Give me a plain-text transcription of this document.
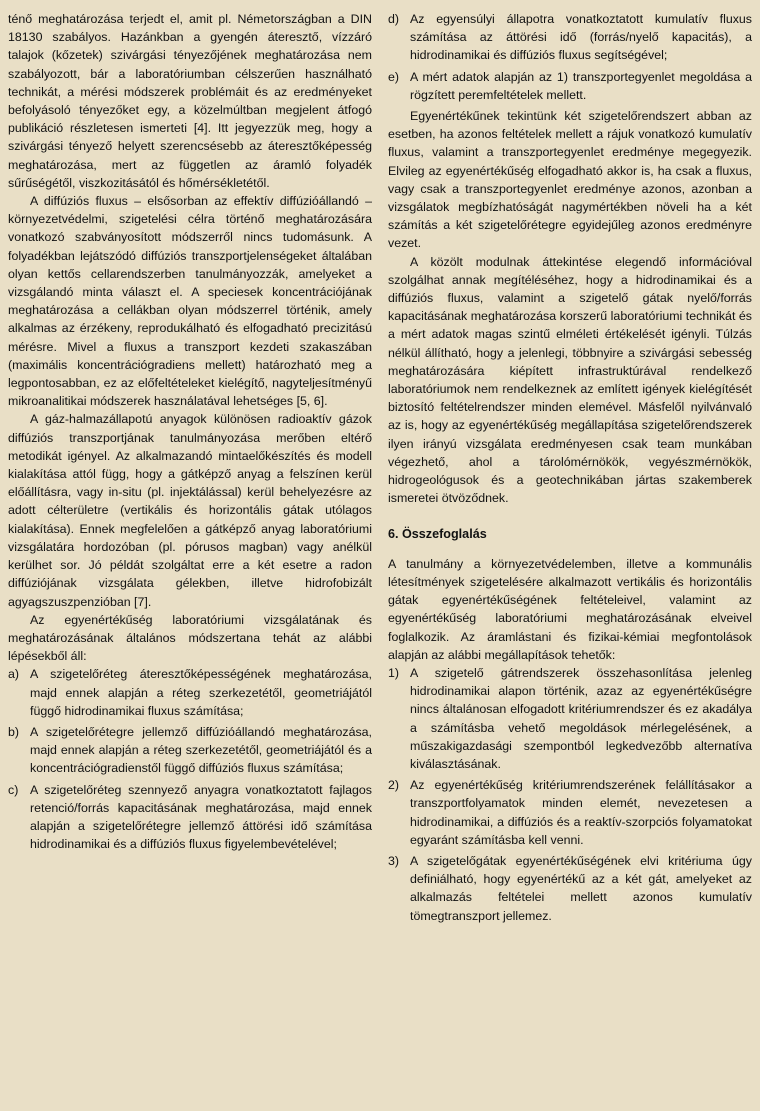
ténő meghatározása terjedt el, amit pl. Németországban a DIN 18130 szabályos. Hazánkban a gyengén áteresztő, vízzáró talajok (kőzetek) szivárgási tényezőjének meghatározása nem szabályozott, bár a laboratóriumban célszerűen használható technikát, a mérési módszerek problémáit és az eredményeket befolyásoló tényezőket egy, a közelmúltban megjelent átfogó publikáció részletesen ismerteti [4]. Itt jegyezzük meg, hogy a szivárgási tényező helyett szerencsésebb az áteresztőképesség meghatározása, mert az független az áramló folyadék sűrűségétől, viszkozitásától és hőmérsékletétől.

A diffúziós fluxus – elsősorban az effektív diffúzióállandó – környezetvédelmi, szigetelési célra történő meghatározására vonatkozó szabványosított módszerről nincs tudomásunk. A folyadékban lejátszódó diffúziós transzportjelenségeket általában olyan kettős cellarendszerben tanulmányozzák, amelyeket a vizsgálandó minta választ el. A speciesek koncentrációjának meghatározása a cellákban olyan módszerrel történik, amely alkalmas az érzékeny, reprodukálható és elfogadható precizitású mérésre. Mivel a fluxus a transzport kezdeti szakaszában (maximális koncentrációgradiens mellett) határozható meg a legpontosabban, ez az előfeltételeket kielégítő, nagyteljesítményű mikroanalitikai módszerek használatával lehetséges [5, 6].

A gáz-halmazállapotú anyagok különösen radioaktív gázok diffúziós transzportjának tanulmányozása merőben eltérő metodikát igényel. Az alkalmazandó mintaelőkészítés és modell kialakítása attól függ, hogy a gátképző anyag a felszínen kerül előállításra, vagy in-situ (pl. injektálással) kerül behelyezésre az adott célterületre (vertikális és horizontális gátak utólagos kialakítása). Ennek megfelelően a gátképző anyag laboratóriumi vizsgálatára hordozóban (pl. pórusos magban) vagy anélkül kerülhet sor. Jó példát szolgáltat erre a két esetre a radon diffúziójának vizsgálata gélekben, illetve hidrofobizált agyagszuszpenzióban [7].

Az egyenértékűség laboratóriumi vizsgálatának és meghatározásának általános módszertana tehát az alábbi lépésekből áll:

a) A szigetelőréteg áteresztőképességének meghatározása, majd ennek alapján a réteg szerkezetétől, geometriájától függő hidrodinamikai fluxus számítása;
b) A szigetelőrétegre jellemző diffúzióállandó meghatározása, majd ennek alapján a réteg szerkezetétől, geometriájától és a koncentrációgradienstől függő diffúziós fluxus számítása;
c) A szigetelőréteg szennyező anyagra vonatkoztatott fajlagos retenció/forrás kapacitásának meghatározása, majd ennek alapján a szigetelőrétegre jellemző áttörési idő számítása hidrodinamikai és a diffúziós fluxus figyelembevételével;
d) Az egyensúlyi állapotra vonatkoztatott kumulatív fluxus számítása az áttörési idő (forrás/nyelő kapacitás), a hidrodinamikai és diffúziós fluxus segítségével;
e) A mért adatok alapján az 1) transzportegyenlet megoldása a rögzített peremfeltételek mellett.

Egyenértékűnek tekintünk két szigetelőrendszert abban az esetben, ha azonos feltételek mellett a rájuk vonatkozó kumulatív fluxus, valamint a transzportegyenlet eredménye megegyezik. Elvileg az egyenértékűség elfogadható akkor is, ha csak a fluxus, vagy csak a transzportegyenlet eredménye azonos, azonban a vizsgálatok megbízhatóságát nagymértékben növeli ha a két számítás a két szigetelőrétegre egyidejűleg azonos eredményre vezet.

A közölt modulnak áttekintése elegendő információval szolgálhat annak megítéléséhez, hogy a hidrodinamikai és a diffúziós fluxus, valamint a szigetelő gátak nyelő/forrás kapacitásának meghatározása korszerű laboratóriumi technikát és a mért adatok magas szintű elméleti értékelését igényli. Túlzás nélkül állítható, hogy a jelenlegi, többnyire a szivárgási sebesség meghatározására kiépített infrastruktúrával rendelkező laboratóriumok nem rendelkeznek az említett igények kielégítését biztosító feltételrendszer minden elemével. Másfelől nyilvánvaló az is, hogy az egyenértékűség megállapítása szigetelőrendszerek ilyen irányú vizsgálata eredményesen csak team munkában végezhető, ahol a tárolómérnökök, vegyészmérnökök, hidrogeológusok és a geotechnikában jártas szakemberek ismeretei ötvöződnek.

6. Összefoglalás

A tanulmány a környezetvédelemben, illetve a kommunális létesítmények szigetelésére alkalmazott vertikális és horizontális gátak egyenértékűségének feltételeivel, valamint az egyenértékűség laboratóriumi meghatározásának elveivel foglalkozik. Az áramlástani és fizikai-kémiai megfontolások alapján az alábbi megállapítások tehetők:

1) A szigetelő gátrendszerek összehasonlítása jelenleg hidrodinamikai alapon történik, azaz az egyenértékűségre nincs általánosan elfogadott kritériumrendszer és ez akadálya a számításba vehető megoldások mérlegelésének, a műszakigazdasági szempontból legkedvezőbb alternatíva kiválasztásának.
2) Az egyenértékűség kritériumrendszerének felállításakor a transzportfolyamatok minden elemét, nevezetesen a hidrodinamikai, a diffúziós és a reaktív-szorpciós folyamatokat egyaránt számításba kell venni.
3) A szigetelőgátak egyenértékűségének elvi kritériuma úgy definiálható, hogy egyenértékű az a két gát, amelyeket az alkalmazás feltételei mellett azonos kumulatív tömegtranszport jellemez.
